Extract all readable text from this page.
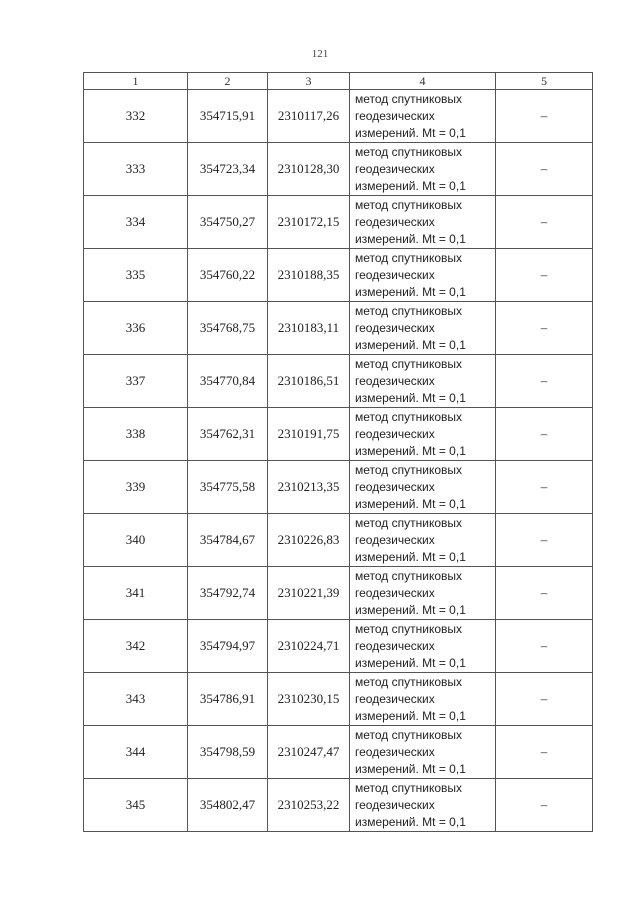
121
1	2	3	4	5
332	354715,91	2310117,26	метод спутниковых
геодезических
измерений. Mt = 0,1	–
333	354723,34	2310128,30	метод спутниковых
геодезических
измерений. Mt = 0,1	–
334	354750,27	2310172,15	метод спутниковых
геодезических
измерений. Mt = 0,1	–
335	354760,22	2310188,35	метод спутниковых
геодезических
измерений. Mt = 0,1	–
336	354768,75	2310183,11	метод спутниковых
геодезических
измерений. Mt = 0,1	–
337	354770,84	2310186,51	метод спутниковых
геодезических
измерений. Mt = 0,1	–
338	354762,31	2310191,75	метод спутниковых
геодезических
измерений. Mt = 0,1	–
339	354775,58	2310213,35	метод спутниковых
геодезических
измерений. Mt = 0,1	–
340	354784,67	2310226,83	метод спутниковых
геодезических
измерений. Mt = 0,1	–
341	354792,74	2310221,39	метод спутниковых
геодезических
измерений. Mt = 0,1	–
342	354794,97	2310224,71	метод спутниковых
геодезических
измерений. Mt = 0,1	–
343	354786,91	2310230,15	метод спутниковых
геодезических
измерений. Mt = 0,1	–
344	354798,59	2310247,47	метод спутниковых
геодезических
измерений. Mt = 0,1	–
345	354802,47	2310253,22	метод спутниковых
геодезических
измерений. Mt = 0,1	–
